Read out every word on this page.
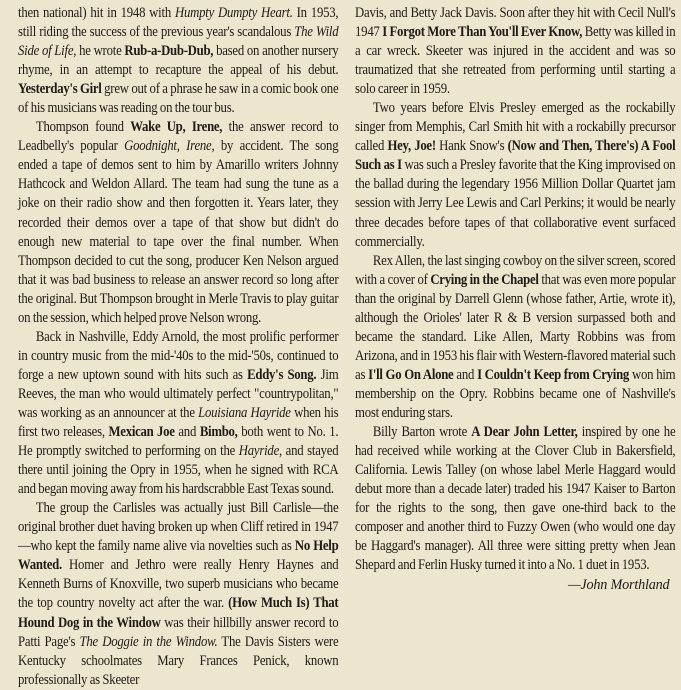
then national) hit in 1948 with Humpty Dumpty Heart. In 1953, still riding the success of the previous year's scandalous The Wild Side of Life, he wrote Rub-a-Dub-Dub, based on another nursery rhyme, in an attempt to recapture the appeal of his debut. Yesterday's Girl grew out of a phrase he saw in a comic book one of his musicians was reading on the tour bus.

Thompson found Wake Up, Irene, the answer record to Leadbelly's popular Goodnight, Irene, by accident. The song ended a tape of demos sent to him by Amarillo writers Johnny Hathcock and Weldon Allard. The team had sung the tune as a joke on their radio show and then forgotten it. Years later, they recorded their demos over a tape of that show but didn't do enough new material to tape over the final number. When Thompson decided to cut the song, producer Ken Nelson argued that it was bad business to release an answer record so long after the original. But Thompson brought in Merle Travis to play guitar on the session, which helped prove Nelson wrong.

Back in Nashville, Eddy Arnold, the most prolific performer in country music from the mid-'40s to the mid-'50s, continued to forge a new uptown sound with hits such as Eddy's Song. Jim Reeves, the man who would ultimately perfect "countrypolitan," was working as an announcer at the Louisiana Hayride when his first two releases, Mexican Joe and Bimbo, both went to No. 1. He promptly switched to performing on the Hayride, and stayed there until joining the Opry in 1955, when he signed with RCA and began moving away from his hardscrabble East Texas sound.

The group the Carlisles was actually just Bill Carlisle—the original brother duet having broken up when Cliff retired in 1947—who kept the family name alive via novelties such as No Help Wanted. Homer and Jethro were really Henry Haynes and Kenneth Burns of Knoxville, two superb musicians who became the top country novelty act after the war. (How Much Is) That Hound Dog in the Window was their hillbilly answer record to Patti Page's The Doggie in the Window. The Davis Sisters were Kentucky schoolmates Mary Frances Penick, known professionally as Skeeter

Davis, and Betty Jack Davis. Soon after they hit with Cecil Null's 1947 I Forgot More Than You'll Ever Know, Betty was killed in a car wreck. Skeeter was injured in the accident and was so traumatized that she retreated from performing until starting a solo career in 1959.

Two years before Elvis Presley emerged as the rockabilly singer from Memphis, Carl Smith hit with a rockabilly precursor called Hey, Joe! Hank Snow's (Now and Then, There's) A Fool Such as I was such a Presley favorite that the King improvised on the ballad during the legendary 1956 Million Dollar Quartet jam session with Jerry Lee Lewis and Carl Perkins; it would be nearly three decades before tapes of that collaborative event surfaced commercially.

Rex Allen, the last singing cowboy on the silver screen, scored with a cover of Crying in the Chapel that was even more popular than the original by Darrell Glenn (whose father, Artie, wrote it), although the Orioles' later R & B version surpassed both and became the standard. Like Allen, Marty Robbins was from Arizona, and in 1953 his flair with Western-flavored material such as I'll Go On Alone and I Couldn't Keep from Crying won him membership on the Opry. Robbins became one of Nashville's most enduring stars.

Billy Barton wrote A Dear John Letter, inspired by one he had received while working at the Clover Club in Bakersfield, California. Lewis Talley (on whose label Merle Haggard would debut more than a decade later) traded his 1947 Kaiser to Barton for the rights to the song, then gave one-third back to the composer and another third to Fuzzy Owen (who would one day be Haggard's manager). All three were sitting pretty when Jean Shepard and Ferlin Husky turned it into a No. 1 duet in 1953.

—John Morthland
